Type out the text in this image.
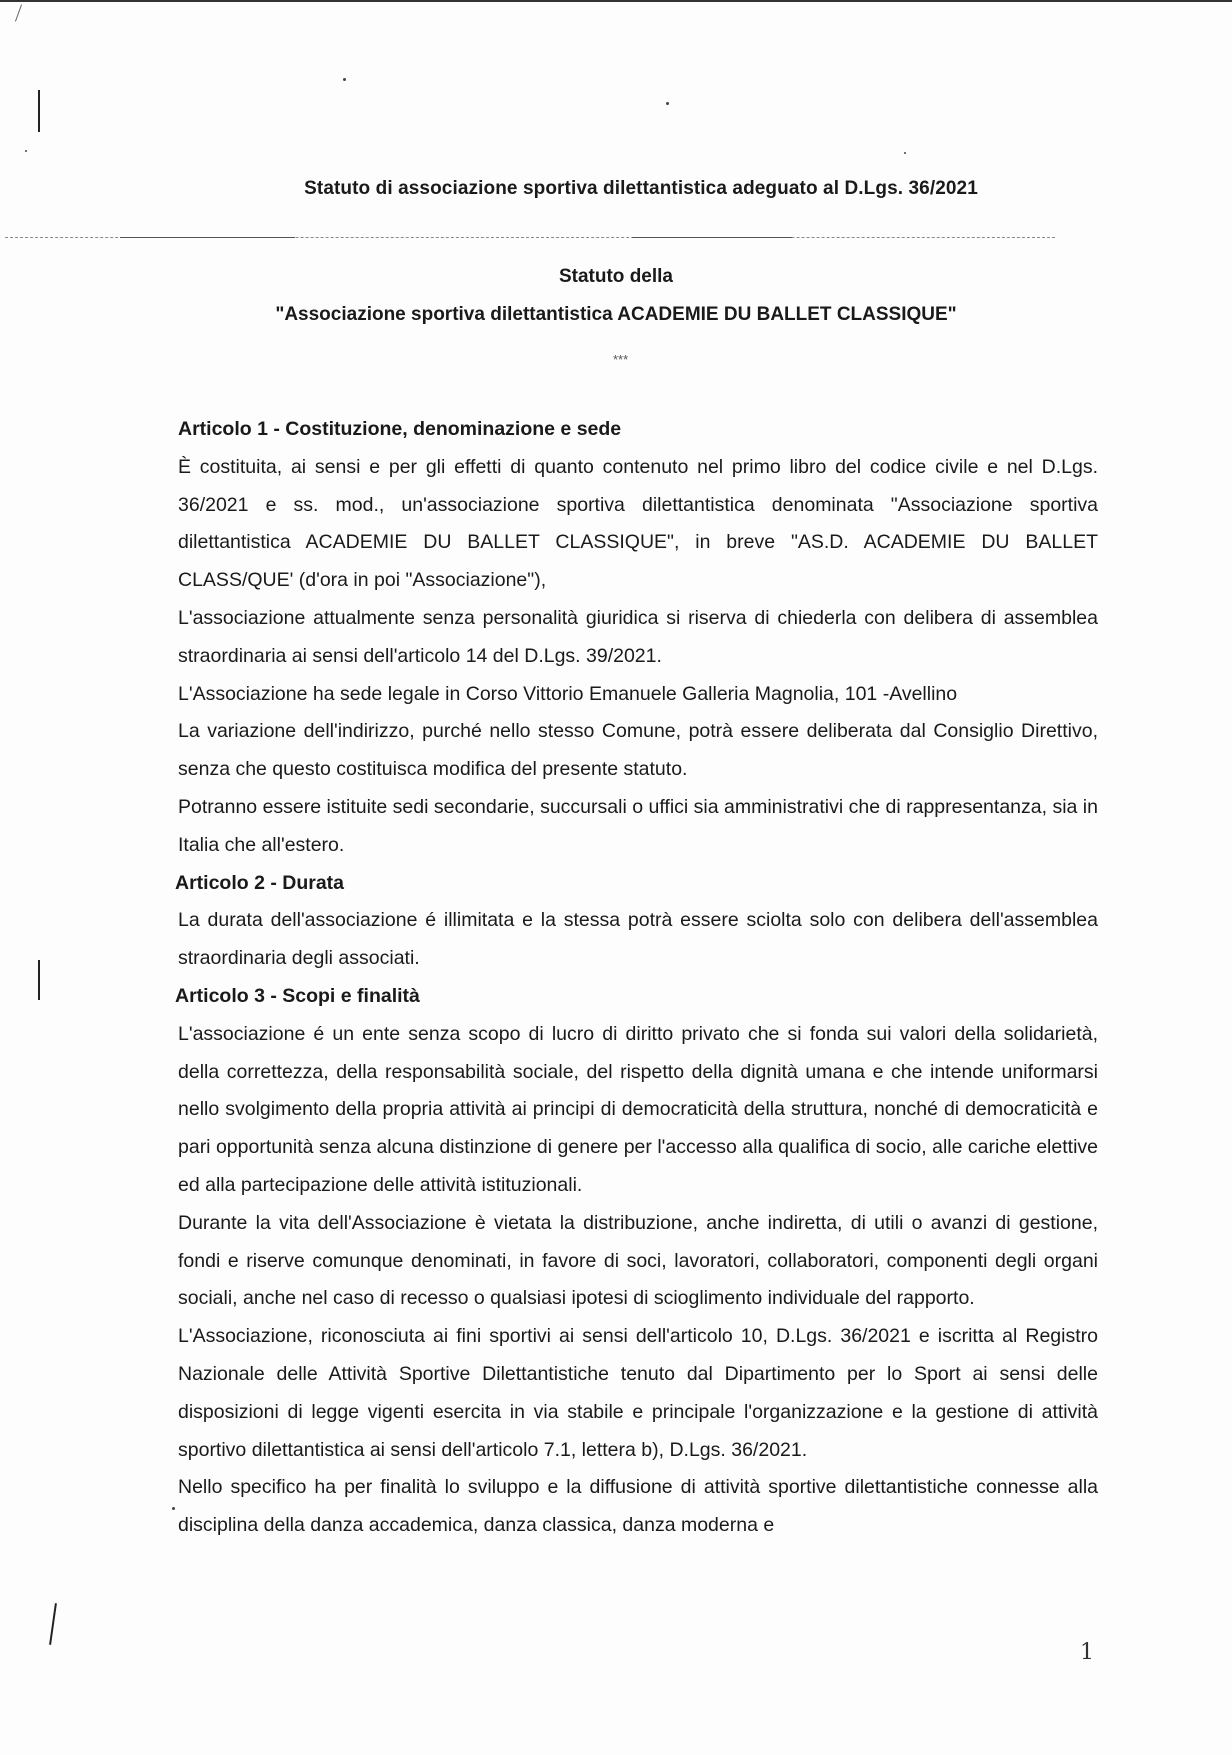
Statuto di associazione sportiva dilettantistica adeguato al D.Lgs. 36/2021
Statuto della
"Associazione sportiva dilettantistica ACADEMIE DU BALLET CLASSIQUE"
***
Articolo 1 - Costituzione, denominazione e sede

È costituita, ai sensi e per gli effetti di quanto contenuto nel primo libro del codice civile e nel D.Lgs. 36/2021 e ss. mod., un'associazione sportiva dilettantistica denominata "Associazione sportiva dilettantistica ACADEMIE DU BALLET CLASSIQUE", in breve "AS.D. ACADEMIE DU BALLET CLASS/QUE' (d'ora in poi "Associazione"),

L'associazione attualmente senza personalità giuridica si riserva di chiederla con delibera di assemblea straordinaria ai sensi dell'articolo 14 del D.Lgs. 39/2021.

L'Associazione ha sede legale in Corso Vittorio Emanuele Galleria Magnolia, 101 -Avellino

La variazione dell'indirizzo, purché nello stesso Comune, potrà essere deliberata dal Consiglio Direttivo, senza che questo costituisca modifica del presente statuto.

Potranno essere istituite sedi secondarie, succursali o uffici sia amministrativi che di rappresentanza, sia in Italia che all'estero.

Articolo 2 - Durata

La durata dell'associazione é illimitata e la stessa potrà essere sciolta solo con delibera dell'assemblea straordinaria degli associati.

Articolo 3 - Scopi e finalità

L'associazione é un ente senza scopo di lucro di diritto privato che si fonda sui valori della solidarietà, della correttezza, della responsabilità sociale, del rispetto della dignità umana e che intende uniformarsi nello svolgimento della propria attività ai principi di democraticità della struttura, nonché di democraticità e pari opportunità senza alcuna distinzione di genere per l'accesso alla qualifica di socio, alle cariche elettive ed alla partecipazione delle attività istituzionali.

Durante la vita dell'Associazione è vietata la distribuzione, anche indiretta, di utili o avanzi di gestione, fondi e riserve comunque denominati, in favore di soci, lavoratori, collaboratori, componenti degli organi sociali, anche nel caso di recesso o qualsiasi ipotesi di scioglimento individuale del rapporto.

L'Associazione, riconosciuta ai fini sportivi ai sensi dell'articolo 10, D.Lgs. 36/2021 e iscritta al Registro Nazionale delle Attività Sportive Dilettantistiche tenuto dal Dipartimento per lo Sport ai sensi delle disposizioni di legge vigenti esercita in via stabile e principale l'organizzazione e la gestione di attività sportivo dilettantistica ai sensi dell'articolo 7.1, lettera b), D.Lgs. 36/2021.

Nello specifico ha per finalità lo sviluppo e la diffusione di attività sportive dilettantistiche connesse alla disciplina della danza accademica, danza classica, danza moderna e

1
